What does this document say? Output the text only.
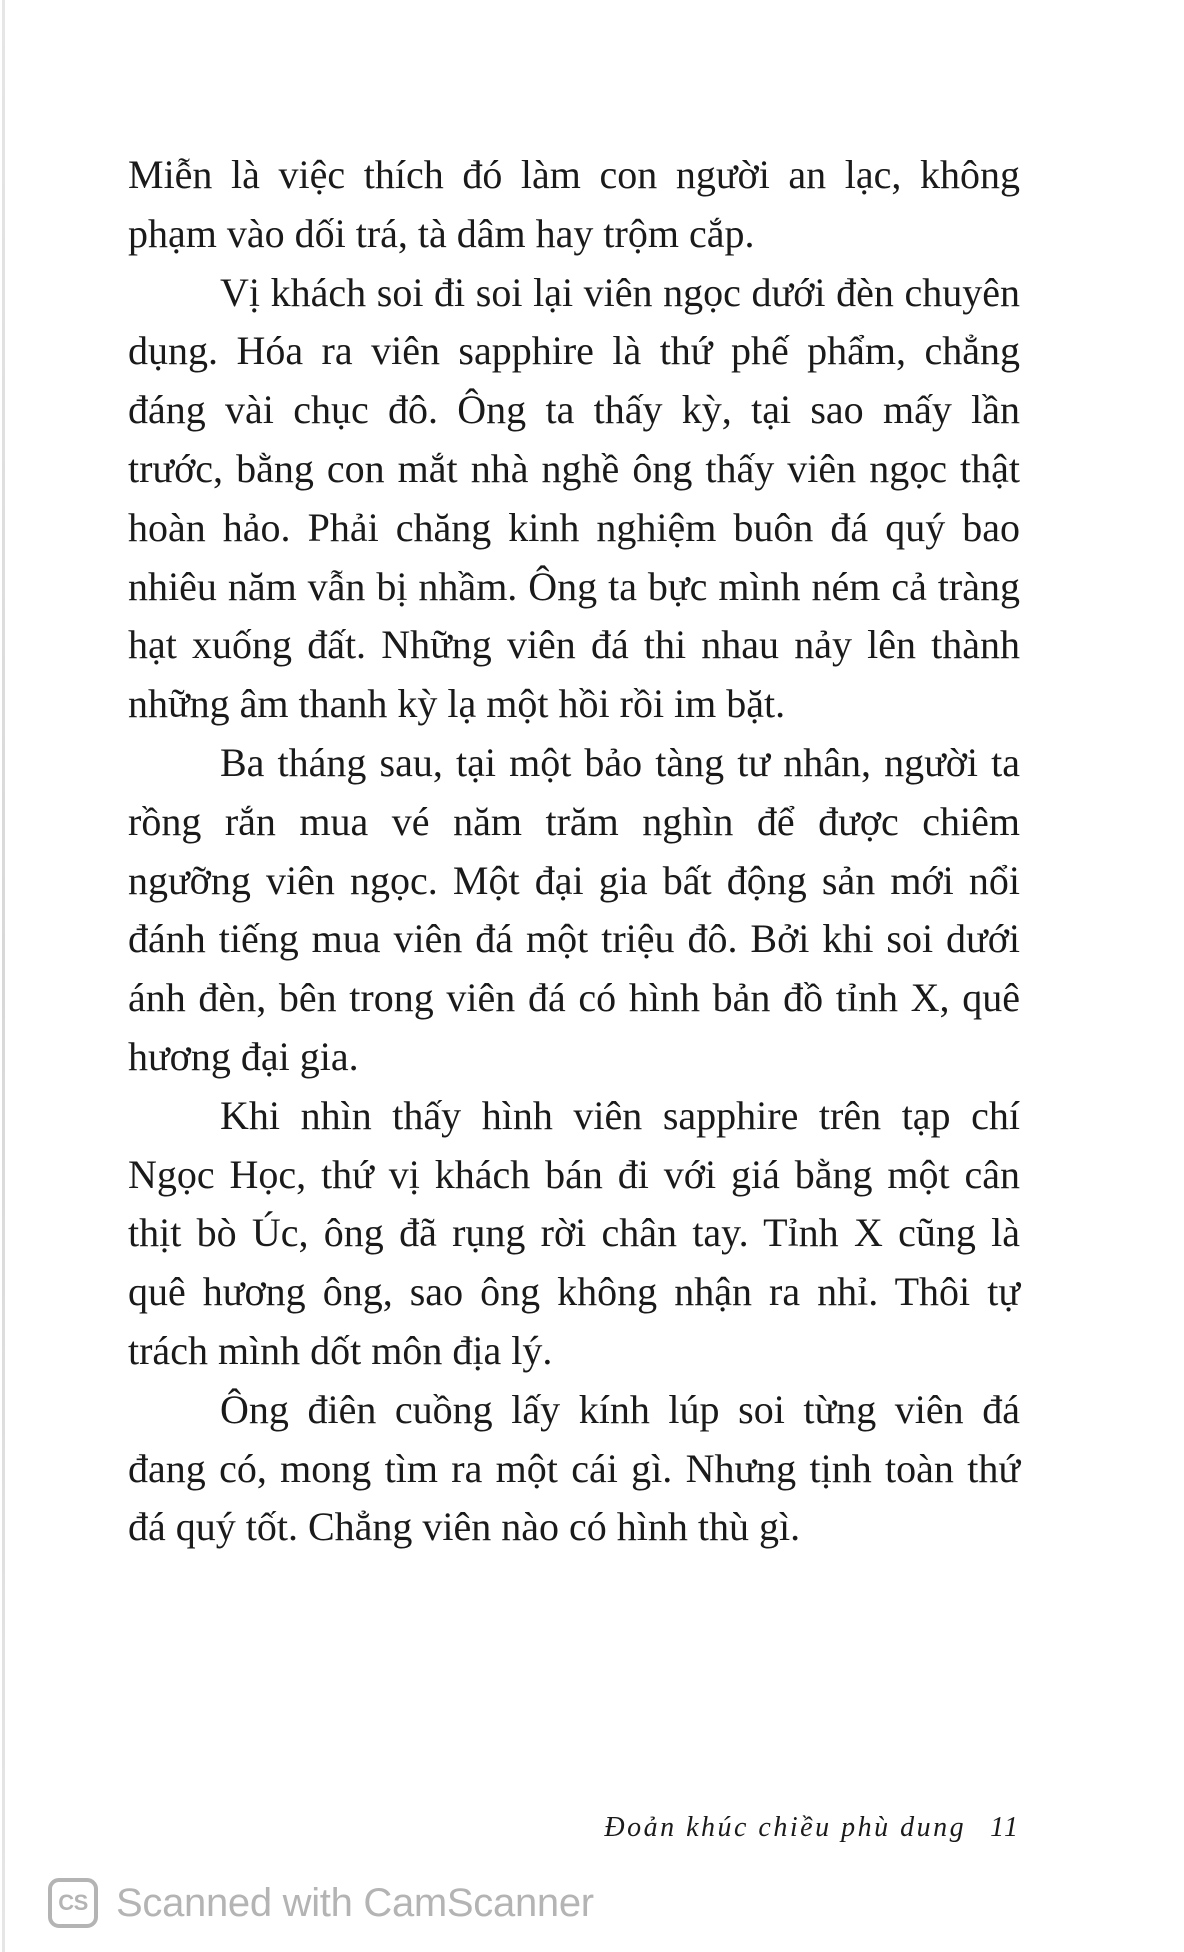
Miễn là việc thích đó làm con người an lạc, không phạm vào dối trá, tà dâm hay trộm cắp.

Vị khách soi đi soi lại viên ngọc dưới đèn chuyên dụng. Hóa ra viên sapphire là thứ phế phẩm, chẳng đáng vài chục đô. Ông ta thấy kỳ, tại sao mấy lần trước, bằng con mắt nhà nghề ông thấy viên ngọc thật hoàn hảo. Phải chăng kinh nghiệm buôn đá quý bao nhiêu năm vẫn bị nhầm. Ông ta bực mình ném cả tràng hạt xuống đất. Những viên đá thi nhau nảy lên thành những âm thanh kỳ lạ một hồi rồi im bặt.

Ba tháng sau, tại một bảo tàng tư nhân, người ta rồng rắn mua vé năm trăm nghìn để được chiêm ngưỡng viên ngọc. Một đại gia bất động sản mới nổi đánh tiếng mua viên đá một triệu đô. Bởi khi soi dưới ánh đèn, bên trong viên đá có hình bản đồ tỉnh X, quê hương đại gia.

Khi nhìn thấy hình viên sapphire trên tạp chí Ngọc Học, thứ vị khách bán đi với giá bằng một cân thịt bò Úc, ông đã rụng rời chân tay. Tỉnh X cũng là quê hương ông, sao ông không nhận ra nhỉ. Thôi tự trách mình dốt môn địa lý.

Ông điên cuồng lấy kính lúp soi từng viên đá đang có, mong tìm ra một cái gì. Nhưng tịnh toàn thứ đá quý tốt. Chẳng viên nào có hình thù gì.

Đoản khúc chiều phù dung 11
CS Scanned with CamScanner
